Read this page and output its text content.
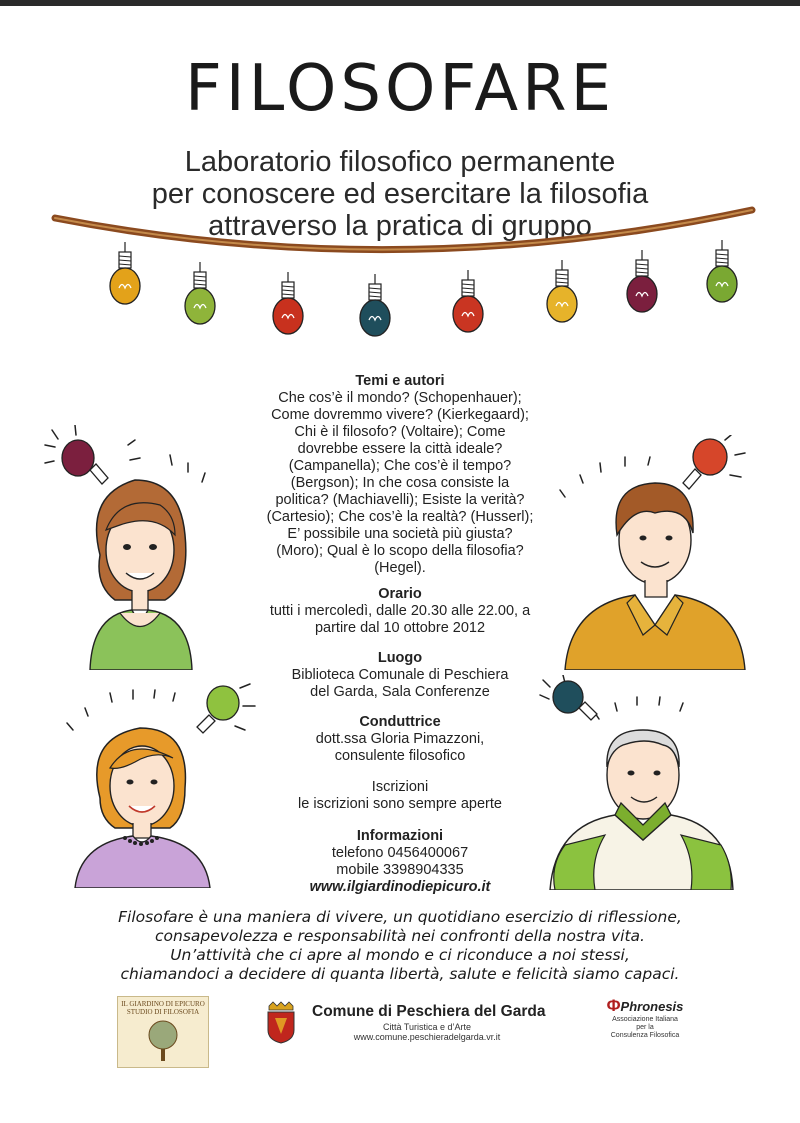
FILOSOFARE
Laboratorio filosofico permanente
per conoscere ed esercitare la filosofia
attraverso la pratica di gruppo
Temi e autori
Che cos’è il mondo? (Schopenhauer);
Come dovremmo vivere? (Kierkegaard);
Chi è il filosofo? (Voltaire); Come
dovrebbe essere la città ideale?
(Campanella); Che cos’è il tempo?
(Bergson); In che cosa consiste la
politica? (Machiavelli); Esiste la verità?
(Cartesio); Che cos’è la realtà? (Husserl);
E’ possibile una società più giusta?
(Moro); Qual è lo scopo della filosofia?
(Hegel).
Orario
tutti i mercoledì, dalle 20.30 alle 22.00, a
partire dal 10 ottobre 2012
Luogo
Biblioteca Comunale di Peschiera
del Garda, Sala Conferenze
Conduttrice
dott.ssa Gloria Pimazzoni,
consulente filosofico
Iscrizioni
le iscrizioni sono sempre aperte
Informazioni
telefono 0456400067
mobile 3398904335
www.ilgiardinodiepicuro.it
Filosofare è una maniera di vivere, un quotidiano esercizio di riflessione,
consapevolezza e responsabilità nei confronti della nostra vita.
Un’attività che ci apre al mondo e ci riconduce a noi stessi,
chiamandoci a decidere di quanta libertà, salute e felicità siamo capaci.
IL GIARDINO DI EPICURO STUDIO DI FILOSOFIA	Comune di Peschiera del Garda
Città Turistica e d’Arte
www.comune.peschieradelgarda.vr.it
ΦPhronesis
Associazione Italiana
per la
Consulenza Filosofica
